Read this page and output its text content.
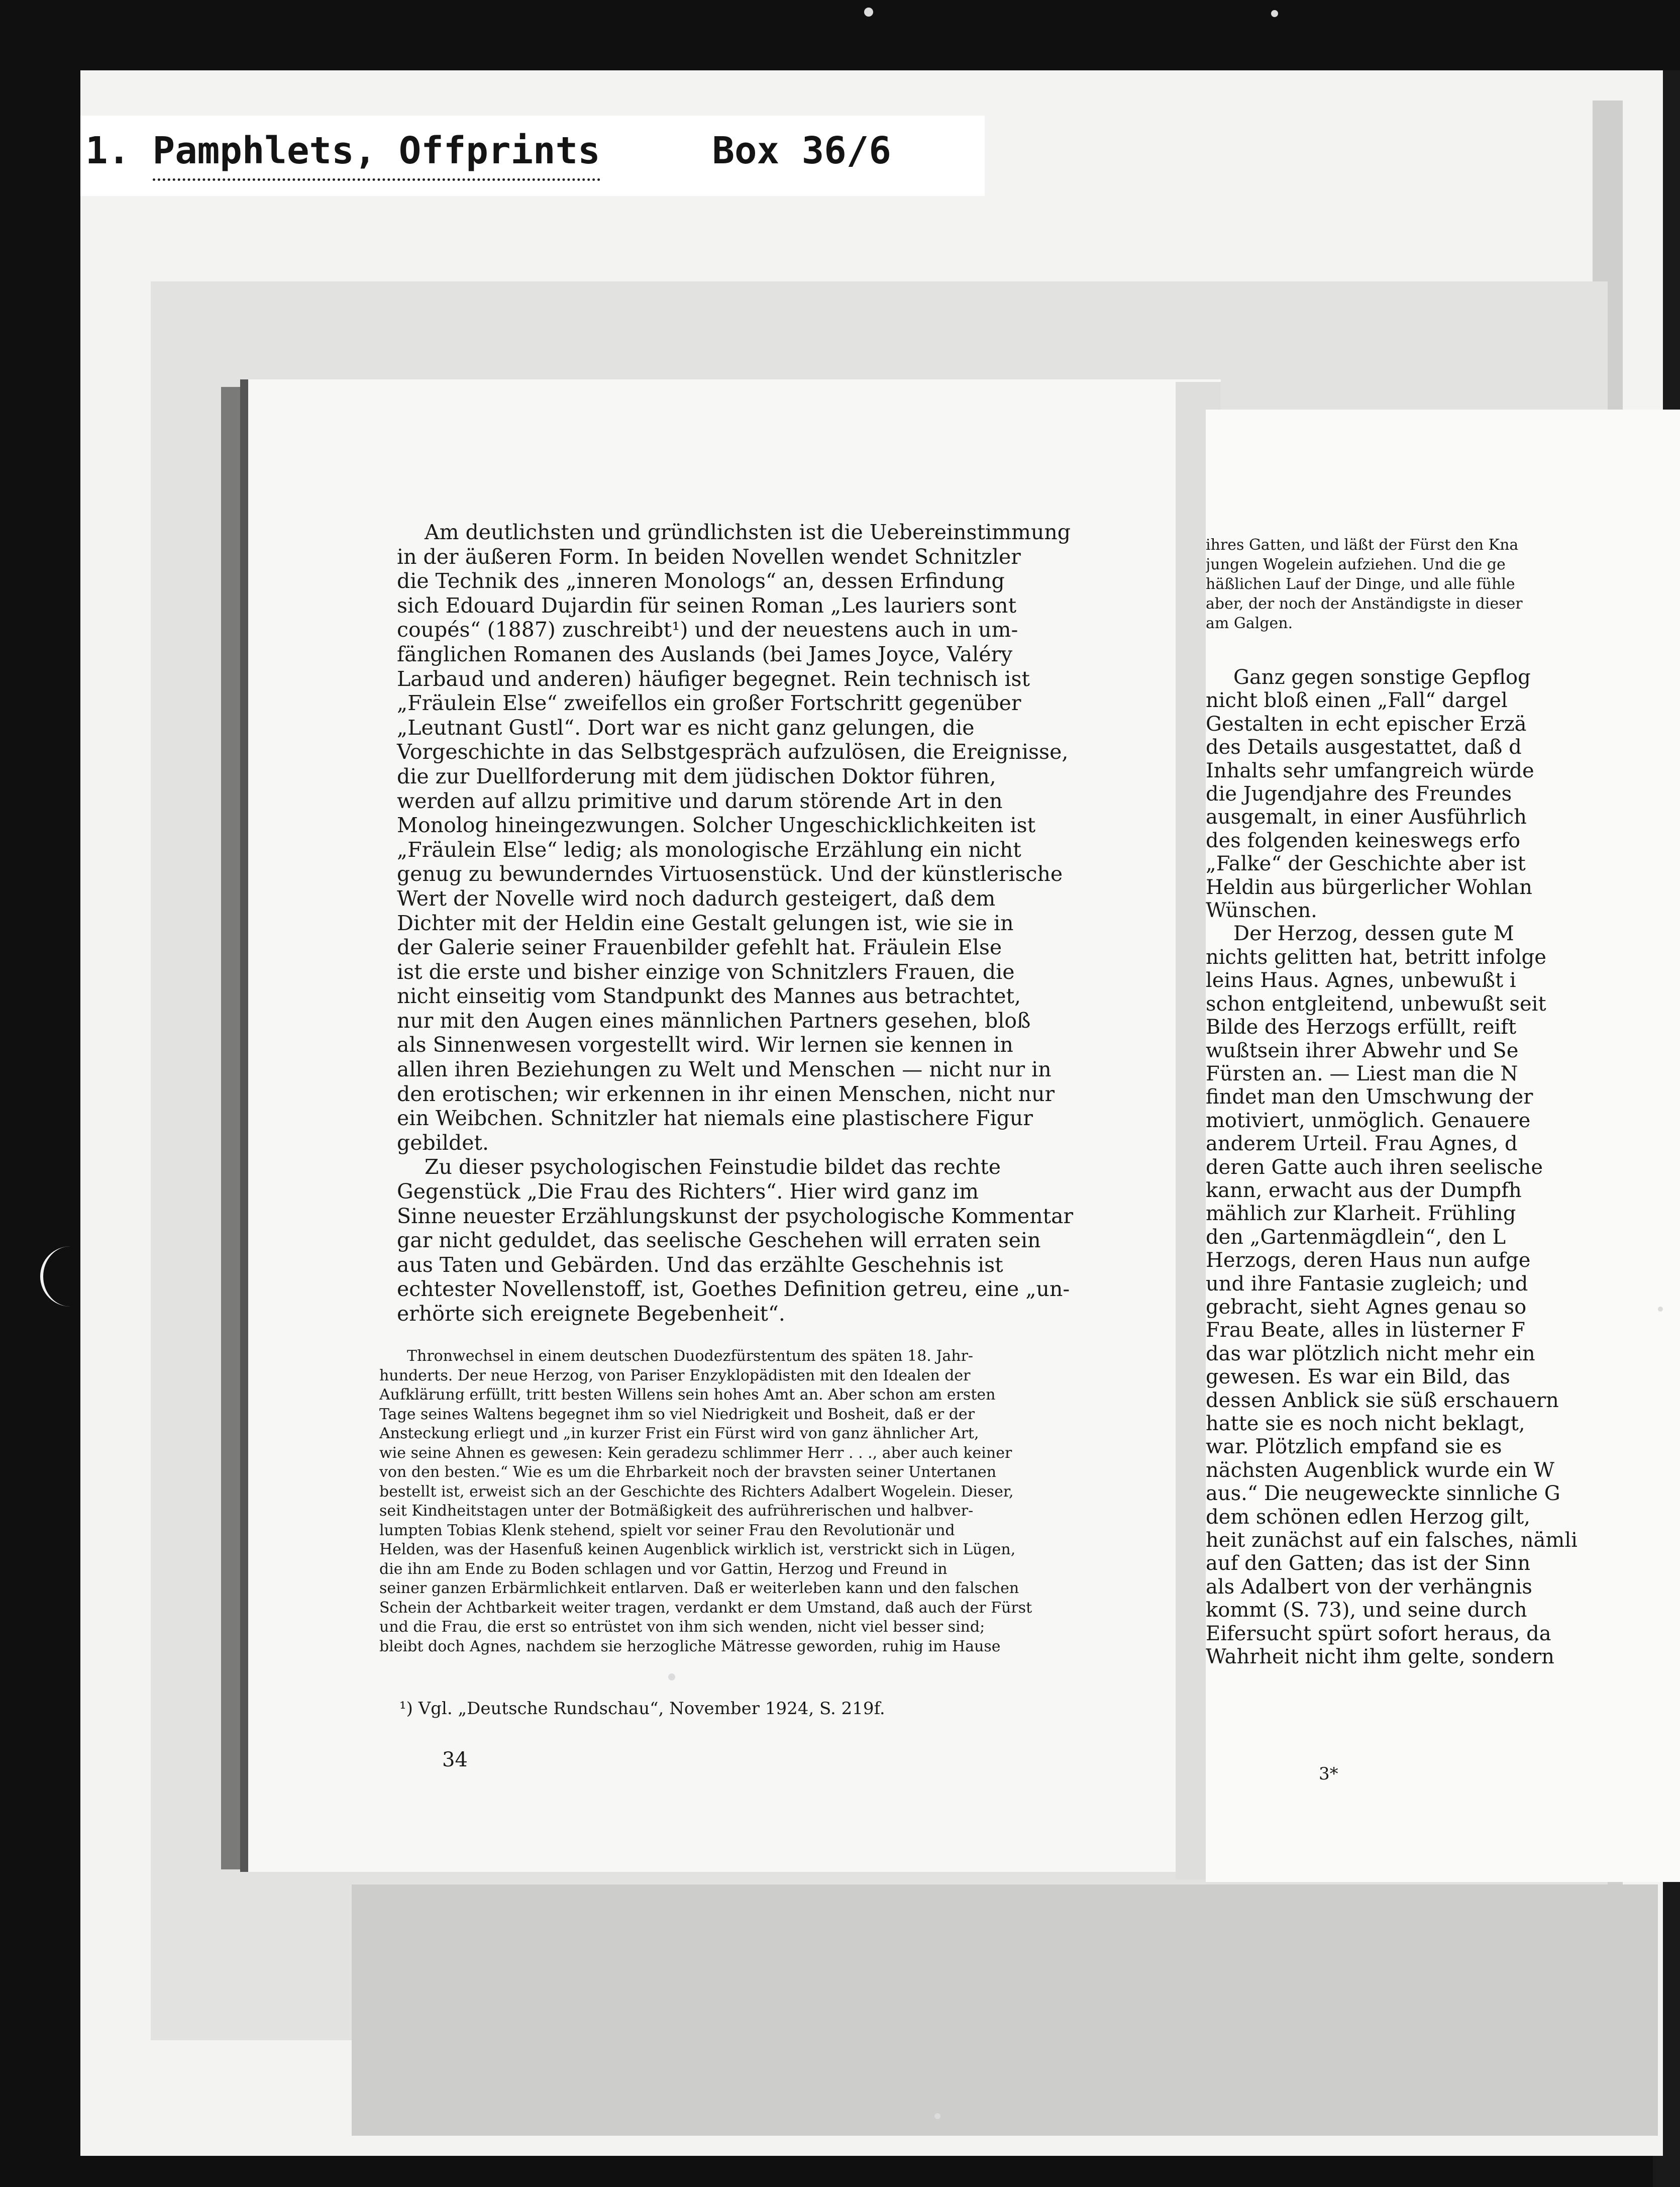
1. Pamphlets, Offprints	Box 36/6
Am deutlichsten und gründlichsten ist die Uebereinstimmung
in der äußeren Form. In beiden Novellen wendet Schnitzler
die Technik des „inneren Monologs“ an, dessen Erfindung
sich Edouard Dujardin für seinen Roman „Les lauriers sont
coupés“ (1887) zuschreibt¹) und der neuestens auch in um-
fänglichen Romanen des Auslands (bei James Joyce, Valéry
Larbaud und anderen) häufiger begegnet. Rein technisch ist
„Fräulein Else“ zweifellos ein großer Fortschritt gegenüber
„Leutnant Gustl“. Dort war es nicht ganz gelungen, die
Vorgeschichte in das Selbstgespräch aufzulösen, die Ereignisse,
die zur Duellforderung mit dem jüdischen Doktor führen,
werden auf allzu primitive und darum störende Art in den
Monolog hineingezwungen. Solcher Ungeschicklichkeiten ist
„Fräulein Else“ ledig; als monologische Erzählung ein nicht
genug zu bewunderndes Virtuosenstück. Und der künstlerische
Wert der Novelle wird noch dadurch gesteigert, daß dem
Dichter mit der Heldin eine Gestalt gelungen ist, wie sie in
der Galerie seiner Frauenbilder gefehlt hat. Fräulein Else
ist die erste und bisher einzige von Schnitzlers Frauen, die
nicht einseitig vom Standpunkt des Mannes aus betrachtet,
nur mit den Augen eines männlichen Partners gesehen, bloß
als Sinnenwesen vorgestellt wird. Wir lernen sie kennen in
allen ihren Beziehungen zu Welt und Menschen — nicht nur in
den erotischen; wir erkennen in ihr einen Menschen, nicht nur
ein Weibchen. Schnitzler hat niemals eine plastischere Figur
gebildet.
Zu dieser psychologischen Feinstudie bildet das rechte
Gegenstück „Die Frau des Richters“. Hier wird ganz im
Sinne neuester Erzählungskunst der psychologische Kommentar
gar nicht geduldet, das seelische Geschehen will erraten sein
aus Taten und Gebärden. Und das erzählte Geschehnis ist
echtester Novellenstoff, ist, Goethes Definition getreu, eine „un-
erhörte sich ereignete Begebenheit“.
Thronwechsel in einem deutschen Duodezfürstentum des späten 18. Jahr-
hunderts. Der neue Herzog, von Pariser Enzyklopädisten mit den Idealen der
Aufklärung erfüllt, tritt besten Willens sein hohes Amt an. Aber schon am ersten
Tage seines Waltens begegnet ihm so viel Niedrigkeit und Bosheit, daß er der
Ansteckung erliegt und „in kurzer Frist ein Fürst wird von ganz ähnlicher Art,
wie seine Ahnen es gewesen: Kein geradezu schlimmer Herr . . ., aber auch keiner
von den besten.“ Wie es um die Ehrbarkeit noch der bravsten seiner Untertanen
bestellt ist, erweist sich an der Geschichte des Richters Adalbert Wogelein. Dieser,
seit Kindheitstagen unter der Botmäßigkeit des aufrührerischen und halbver-
lumpten Tobias Klenk stehend, spielt vor seiner Frau den Revolutionär und
Helden, was der Hasenfuß keinen Augenblick wirklich ist, verstrickt sich in Lügen,
die ihn am Ende zu Boden schlagen und vor Gattin, Herzog und Freund in
seiner ganzen Erbärmlichkeit entlarven. Daß er weiterleben kann und den falschen
Schein der Achtbarkeit weiter tragen, verdankt er dem Umstand, daß auch der Fürst
und die Frau, die erst so entrüstet von ihm sich wenden, nicht viel besser sind;
bleibt doch Agnes, nachdem sie herzogliche Mätresse geworden, ruhig im Hause
¹) Vgl. „Deutsche Rundschau“, November 1924, S. 219f.
34
ihres Gatten, und läßt der Fürst den Kna
jungen Wogelein aufziehen. Und die ge
häßlichen Lauf der Dinge, und alle fühle
aber, der noch der Anständigste in dieser
am Galgen.
Ganz gegen sonstige Gepflog
nicht bloß einen „Fall“ dargel
Gestalten in echt epischer Erzä
des Details ausgestattet, daß d
Inhalts sehr umfangreich würde
die Jugendjahre des Freundes
ausgemalt, in einer Ausführlich
des folgenden keineswegs erfo
„Falke“ der Geschichte aber ist
Heldin aus bürgerlicher Wohlan
Wünschen.
Der Herzog, dessen gute M
nichts gelitten hat, betritt infolge
leins Haus. Agnes, unbewußt i
schon entgleitend, unbewußt seit
Bilde des Herzogs erfüllt, reift
wußtsein ihrer Abwehr und Se
Fürsten an. — Liest man die N
findet man den Umschwung der
motiviert, unmöglich. Genauere
anderem Urteil. Frau Agnes, d
deren Gatte auch ihren seelische
kann, erwacht aus der Dumpfh
mählich zur Klarheit. Frühling
den „Gartenmägdlein“, den L
Herzogs, deren Haus nun aufge
und ihre Fantasie zugleich; und
gebracht, sieht Agnes genau so
Frau Beate, alles in lüsterner F
das war plötzlich nicht mehr ein
gewesen. Es war ein Bild, das
dessen Anblick sie süß erschauern
hatte sie es noch nicht beklagt,
war. Plötzlich empfand sie es
nächsten Augenblick wurde ein W
aus.“ Die neugeweckte sinnliche G
dem schönen edlen Herzog gilt,
heit zunächst auf ein falsches, nämli
auf den Gatten; das ist der Sinn
als Adalbert von der verhängnis
kommt (S. 73), und seine durch
Eifersucht spürt sofort heraus, da
Wahrheit nicht ihm gelte, sondern
3*
